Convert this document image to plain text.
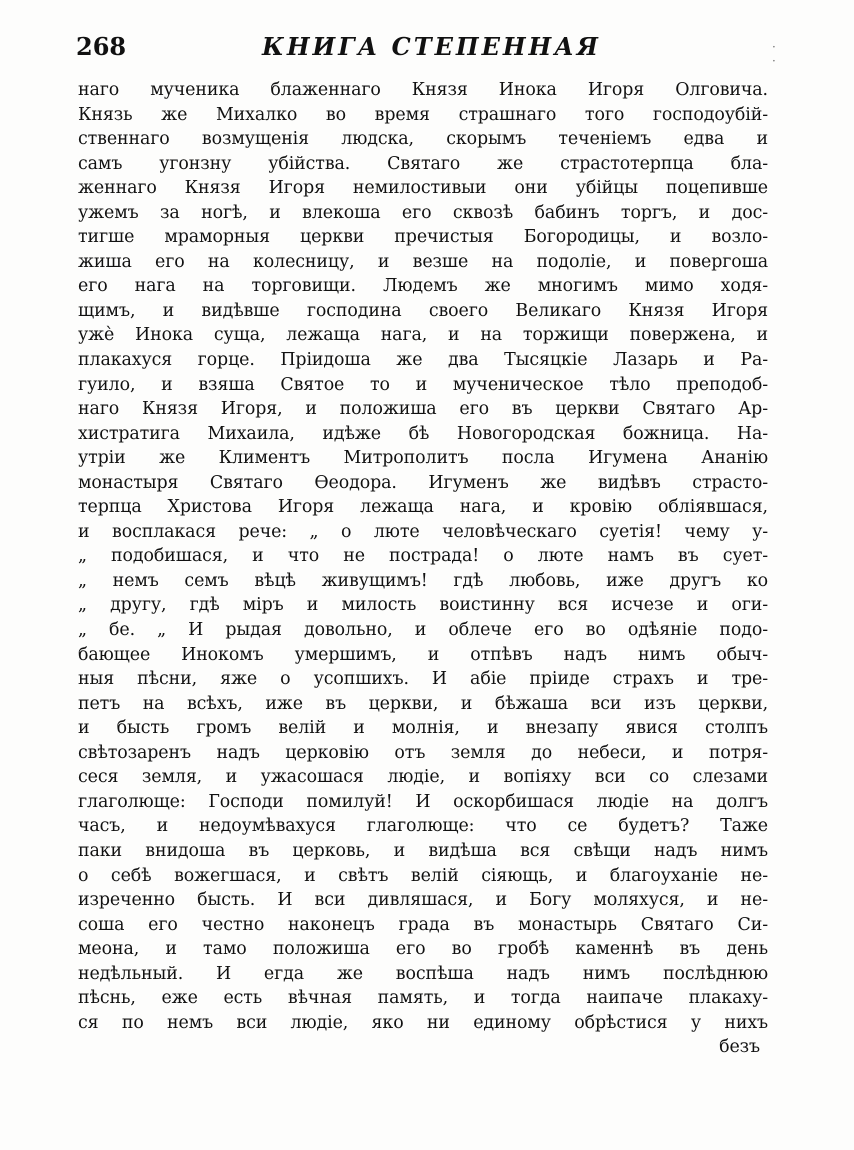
268	КНИГА СТЕПЕННАЯ	· ·
наго мученика блаженнаго Князя Инока Игоря Олговича.
Князь же Михалко во время страшнаго того господоубій-
ственнаго возмущенія людска, скорымъ теченіемъ едва и
самъ угонзну убійства. Святаго же страстотерпца бла-
женнаго Князя Игоря немилостивыи они убійцы поцепивше
ужемъ за ногѣ, и влекоша его сквозѣ бабинъ торгъ, и дос-
тигше мраморныя церкви пречистыя Богородицы, и возло-
жиша его на колесницу, и везше на подоліе, и повергоша
его нага на торговищи. Людемъ же многимъ мимо ходя-
щимъ, и видѣвше господина своего Великаго Князя Игоря
ужѐ Инока суща, лежаща нага, и на торжищи повержена, и
плакахуся горце. Пріидоша же два Тысяцкіе Лазарь и Ра-
гуило, и взяша Святое то и мученическое тѣло преподоб-
наго Князя Игоря, и положиша его въ церкви Святаго Ар-
хистратига Михаила, идѣже бѣ Новогородская божница. На-
утріи же Климентъ Митрополитъ посла Игумена Ананію
монастыря Святаго Ѳеодора. Игуменъ же видѣвъ страсто-
терпца Христова Игоря лежаща нага, и кровію облiявшася,
и восплакася рече: „ о люте человѣческаго суетія! чему у-
„ подобишася, и что не пострада! о люте намъ въ сует-
„ немъ семъ вѣцѣ живущимъ! гдѣ любовь, иже другъ ко
„ другу, гдѣ міръ и милость воистинну вся исчезе и оги-
„ бе. „ И рыдая довольно, и облече его во одѣяніе подо-
бающее Инокомъ умершимъ, и отпѣвъ надъ нимъ обыч-
ныя пѣсни, яже о усопшихъ. И абіе пріиде страхъ и тре-
петъ на всѣхъ, иже въ церкви, и бѣжаша вси изъ церкви,
и бысть громъ велій и молнія, и внезапу явися столпъ
свѣтозаренъ надъ церковію отъ земля до небеси, и потря-
сеся земля, и ужасошася людіе, и вопіяху вси со слезами
глаголюще: Господи помилуй! И оскорбишася людіе на долгъ
часъ, и недоумѣвахуся глаголюще: что се будетъ? Таже
паки внидоша въ церковь, и видѣша вся свѣщи надъ нимъ
о себѣ вожегшася, и свѣтъ велій сіяющь, и благоуханіе не-
изреченно бысть. И вси дивляшася, и Богу моляхуся, и не-
соша его честно наконецъ града въ монастырь Святаго Си-
меона, и тамо положиша его во гробѣ каменнѣ въ день
недѣльный. И егда же воспѣша надъ нимъ послѣднюю
пѣснь, еже есть вѣчная память, и тогда наипаче плакаху-
ся по немъ вси людіе, яко ни единому обрѣстися у нихъ
безъ
